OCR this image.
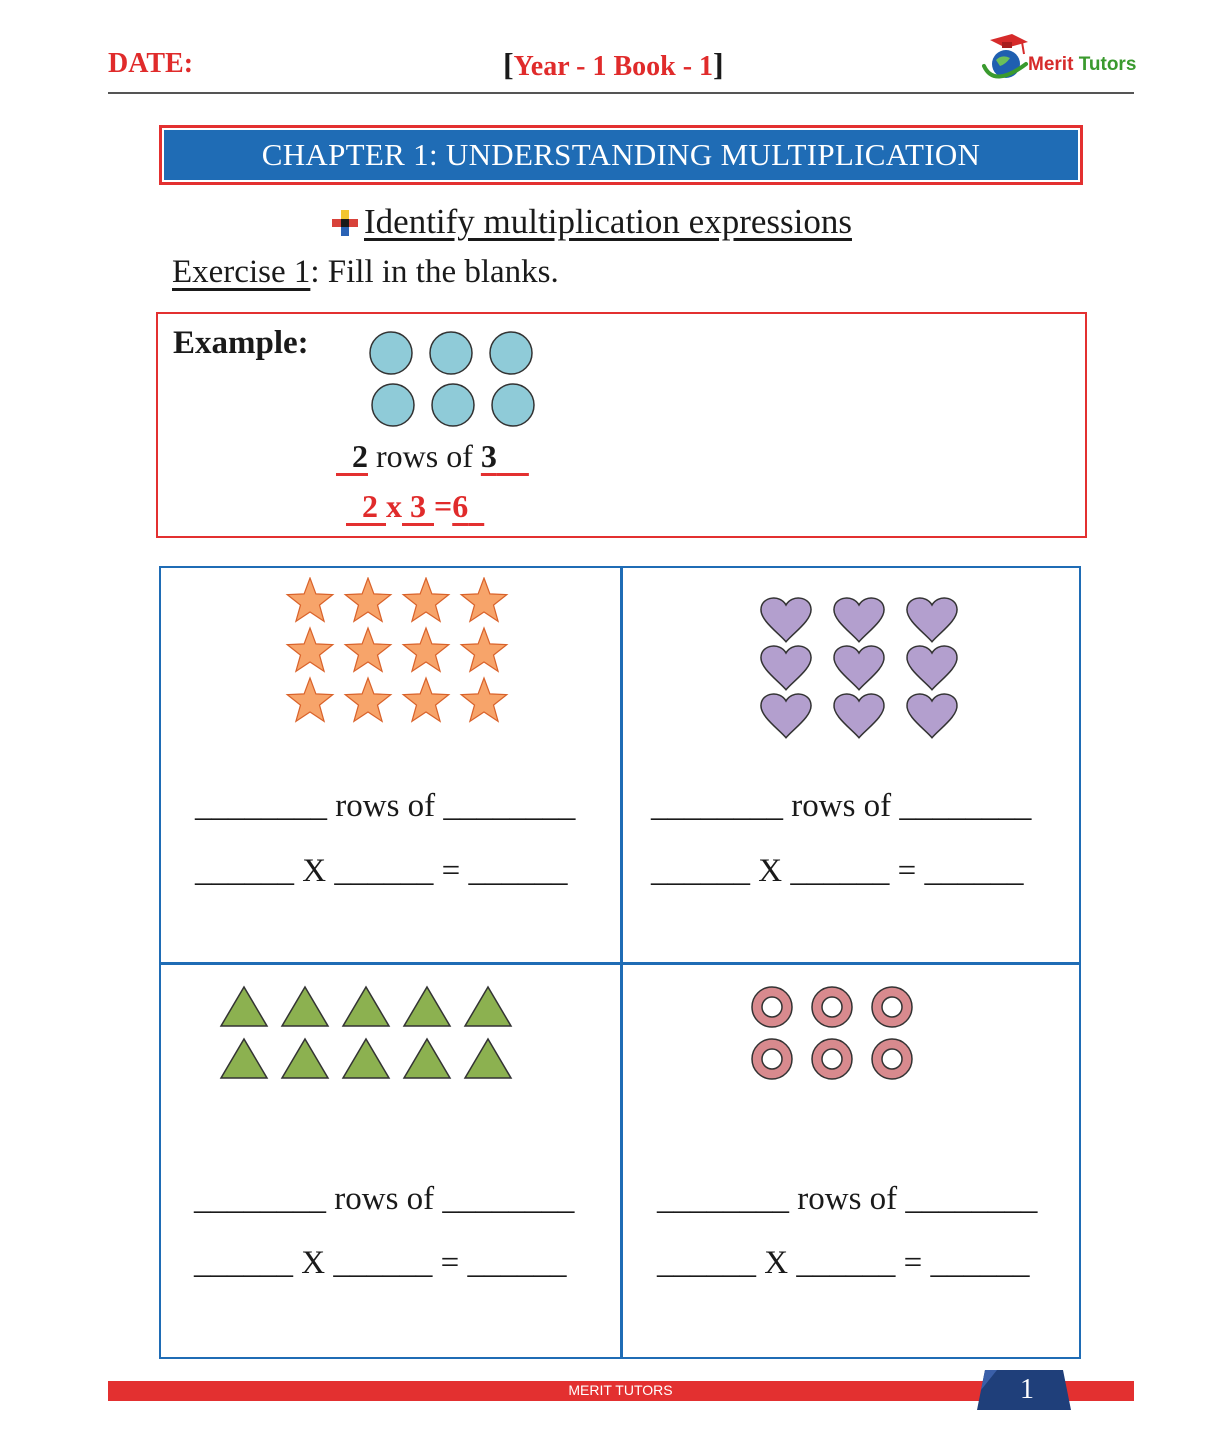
DATE:	[Year - 1 Book - 1]	Merit Tutors
CHAPTER 1: UNDERSTANDING MULTIPLICATION
Identify multiplication expressions
Exercise 1: Fill in the blanks.
Example:
2 rows of 3
2 x 3 =6
________ rows of ________
______ X ______ = ______
________ rows of ________
______ X ______ = ______
________ rows of ________
______ X ______ = ______
________ rows of ________
______ X ______ = ______
MERIT TUTORS	1
